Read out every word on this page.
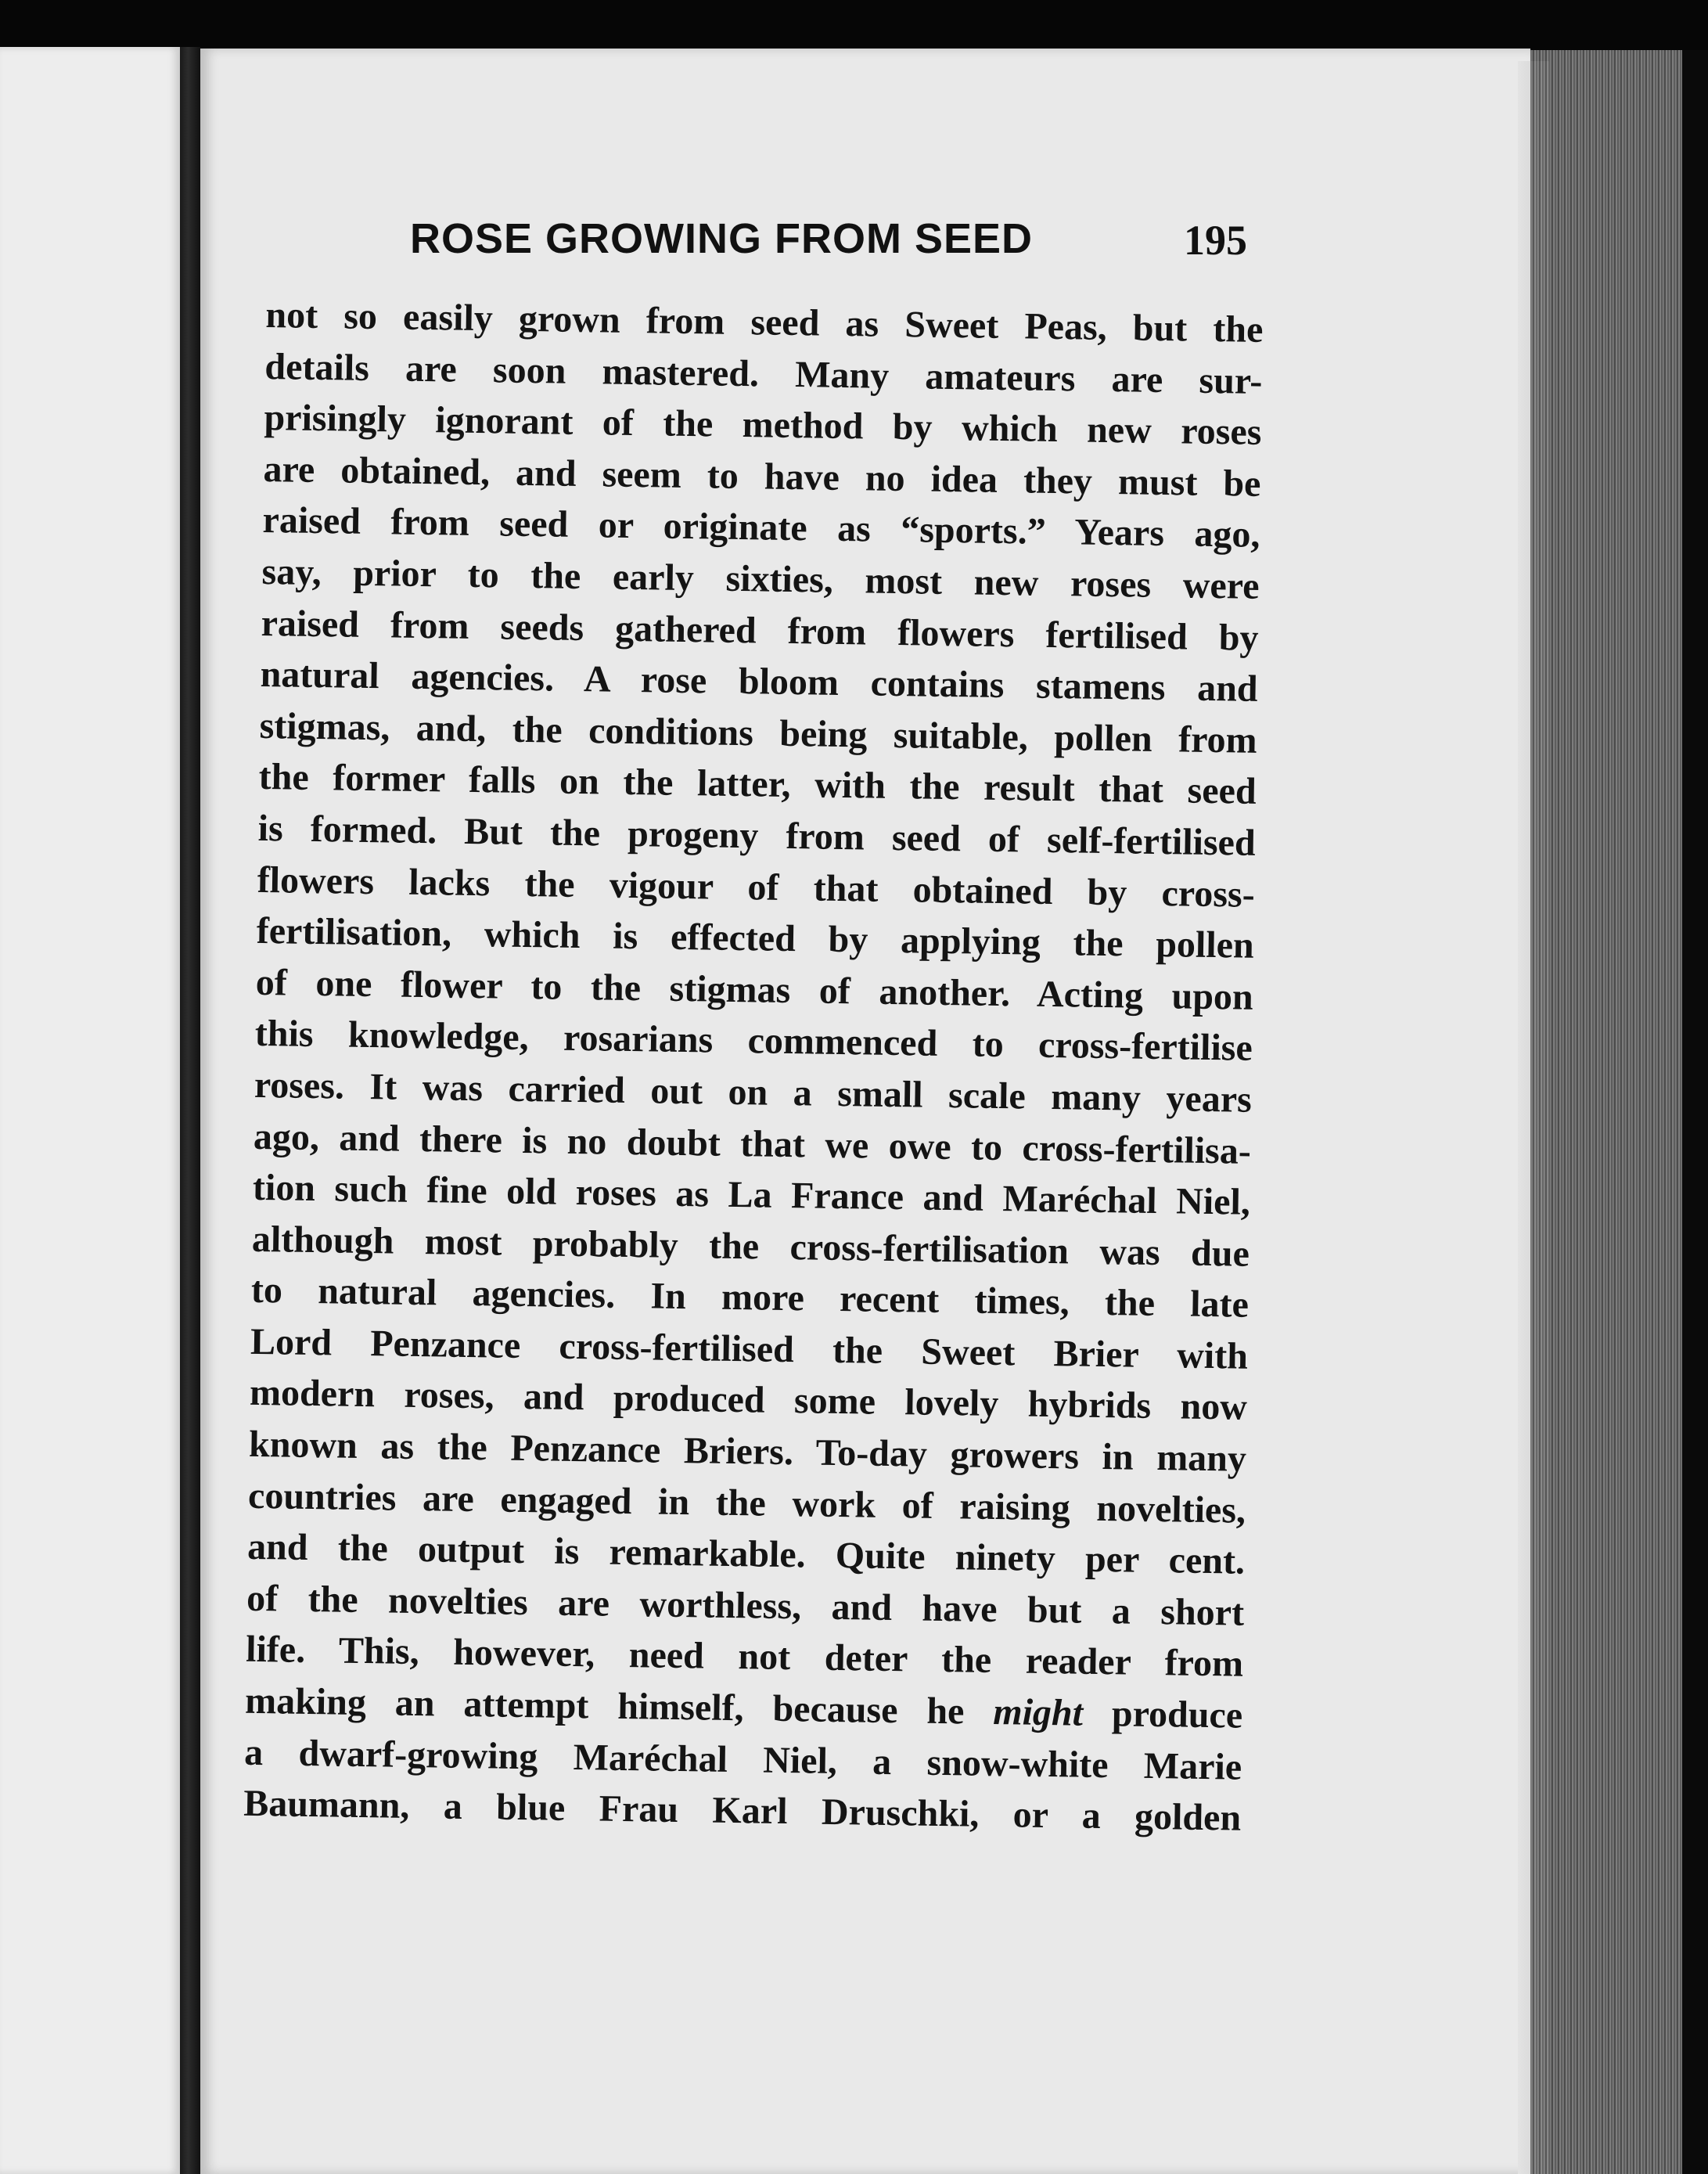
ROSE GROWING FROM SEED	195
not so easily grown from seed as Sweet Peas, but the
details are soon mastered. Many amateurs are sur-
prisingly ignorant of the method by which new roses
are obtained, and seem to have no idea they must be
raised from seed or originate as “sports.” Years ago,
say, prior to the early sixties, most new roses were
raised from seeds gathered from flowers fertilised by
natural agencies. A rose bloom contains stamens and
stigmas, and, the conditions being suitable, pollen from
the former falls on the latter, with the result that seed
is formed. But the progeny from seed of self-fertilised
flowers lacks the vigour of that obtained by cross-
fertilisation, which is effected by applying the pollen
of one flower to the stigmas of another. Acting upon
this knowledge, rosarians commenced to cross-fertilise
roses. It was carried out on a small scale many years
ago, and there is no doubt that we owe to cross-fertilisa-
tion such fine old roses as La France and Maréchal Niel,
although most probably the cross-fertilisation was due
to natural agencies. In more recent times, the late
Lord Penzance cross-fertilised the Sweet Brier with
modern roses, and produced some lovely hybrids now
known as the Penzance Briers. To-day growers in many
countries are engaged in the work of raising novelties,
and the output is remarkable. Quite ninety per cent.
of the novelties are worthless, and have but a short
life. This, however, need not deter the reader from
making an attempt himself, because he might produce
a dwarf-growing Maréchal Niel, a snow-white Marie
Baumann, a blue Frau Karl Druschki, or a golden
